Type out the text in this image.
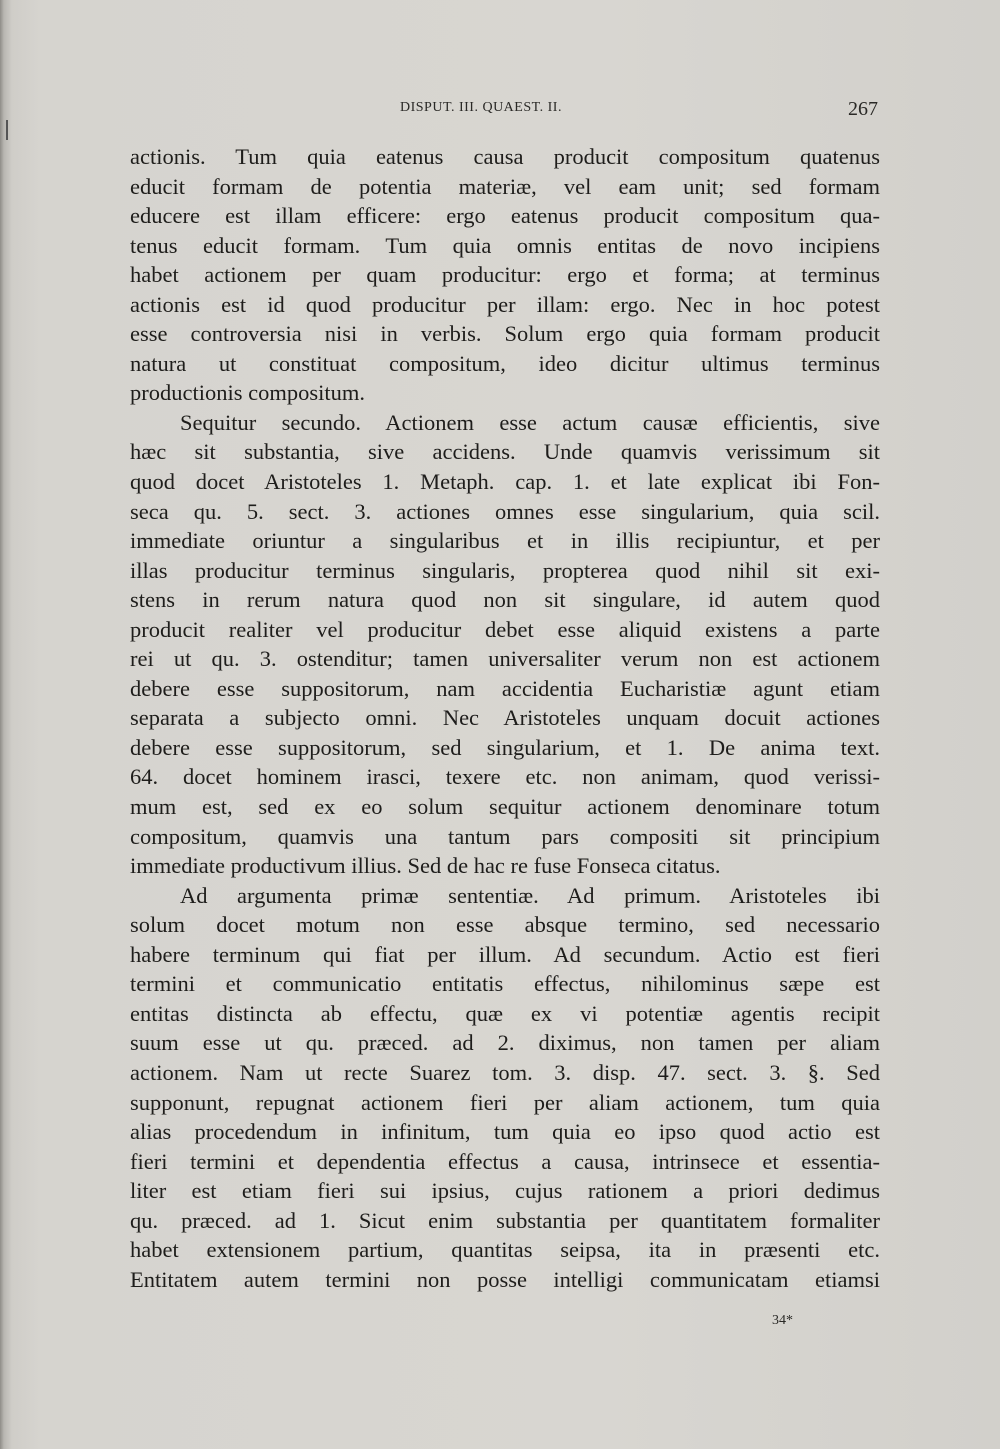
DISPUT. III. QUAEST. II.	267
actionis. Tum quia eatenus causa producit compositum quatenus
educit formam de potentia materiæ, vel eam unit; sed formam
educere est illam efficere: ergo eatenus producit compositum qua-
tenus educit formam. Tum quia omnis entitas de novo incipiens
habet actionem per quam producitur: ergo et forma; at terminus
actionis est id quod producitur per illam: ergo. Nec in hoc potest
esse controversia nisi in verbis. Solum ergo quia formam producit
natura ut constituat compositum, ideo dicitur ultimus terminus
productionis compositum.
Sequitur secundo. Actionem esse actum causæ efficientis, sive
hæc sit substantia, sive accidens. Unde quamvis verissimum sit
quod docet Aristoteles 1. Metaph. cap. 1. et late explicat ibi Fon-
seca qu. 5. sect. 3. actiones omnes esse singularium, quia scil.
immediate oriuntur a singularibus et in illis recipiuntur, et per
illas producitur terminus singularis, propterea quod nihil sit exi-
stens in rerum natura quod non sit singulare, id autem quod
producit realiter vel producitur debet esse aliquid existens a parte
rei ut qu. 3. ostenditur; tamen universaliter verum non est actionem
debere esse suppositorum, nam accidentia Eucharistiæ agunt etiam
separata a subjecto omni. Nec Aristoteles unquam docuit actiones
debere esse suppositorum, sed singularium, et 1. De anima text.
64. docet hominem irasci, texere etc. non animam, quod verissi-
mum est, sed ex eo solum sequitur actionem denominare totum
compositum, quamvis una tantum pars compositi sit principium
immediate productivum illius. Sed de hac re fuse Fonseca citatus.
Ad argumenta primæ sententiæ. Ad primum. Aristoteles ibi
solum docet motum non esse absque termino, sed necessario
habere terminum qui fiat per illum. Ad secundum. Actio est fieri
termini et communicatio entitatis effectus, nihilominus sæpe est
entitas distincta ab effectu, quæ ex vi potentiæ agentis recipit
suum esse ut qu. præced. ad 2. diximus, non tamen per aliam
actionem. Nam ut recte Suarez tom. 3. disp. 47. sect. 3. §. Sed
supponunt, repugnat actionem fieri per aliam actionem, tum quia
alias procedendum in infinitum, tum quia eo ipso quod actio est
fieri termini et dependentia effectus a causa, intrinsece et essentia-
liter est etiam fieri sui ipsius, cujus rationem a priori dedimus
qu. præced. ad 1. Sicut enim substantia per quantitatem formaliter
habet extensionem partium, quantitas seipsa, ita in præsenti etc.
Entitatem autem termini non posse intelligi communicatam etiamsi
34*
